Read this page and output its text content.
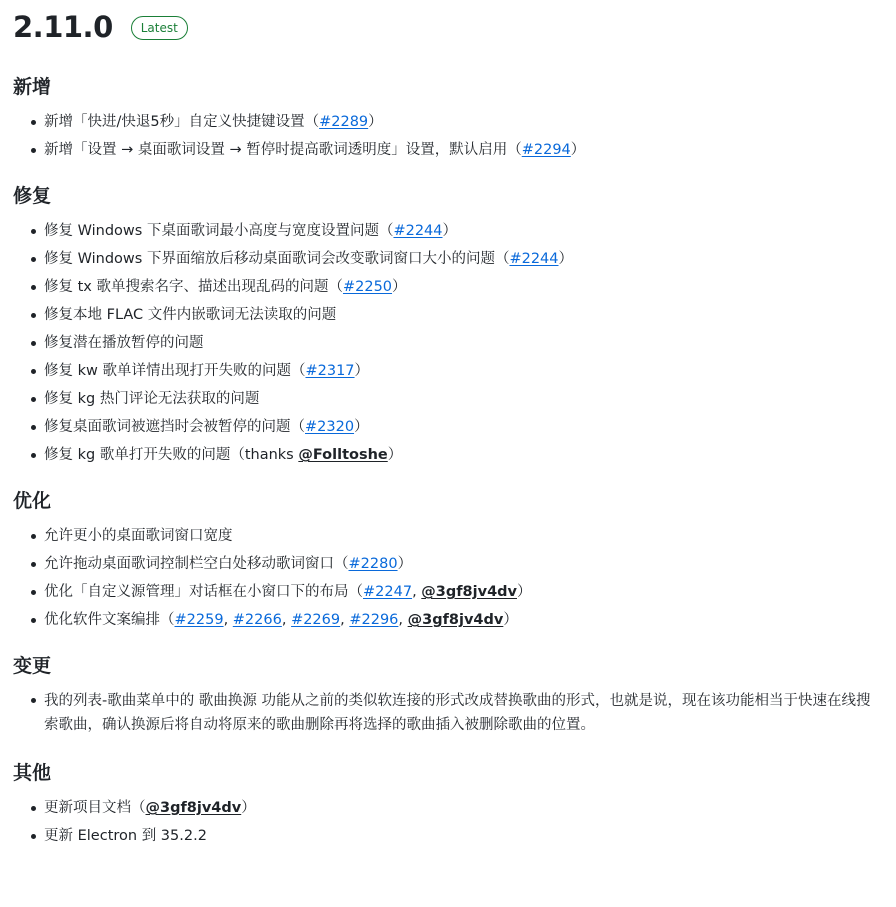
2.11.0	Latest
新增
新增「快进/快退5秒」自定义快捷键设置（#2289）
新增「设置 → 桌面歌词设置 → 暂停时提高歌词透明度」设置，默认启用（#2294）
修复
修复 Windows 下桌面歌词最小高度与宽度设置问题（#2244）
修复 Windows 下界面缩放后移动桌面歌词会改变歌词窗口大小的问题（#2244）
修复 tx 歌单搜索名字、描述出现乱码的问题（#2250）
修复本地 FLAC 文件内嵌歌词无法读取的问题
修复潜在播放暂停的问题
修复 kw 歌单详情出现打开失败的问题（#2317）
修复 kg 热门评论无法获取的问题
修复桌面歌词被遮挡时会被暂停的问题（#2320）
修复 kg 歌单打开失败的问题（thanks @Folltoshe）
优化
允许更小的桌面歌词窗口宽度
允许拖动桌面歌词控制栏空白处移动歌词窗口（#2280）
优化「自定义源管理」对话框在小窗口下的布局（#2247, @3gf8jv4dv）
优化软件文案编排（#2259, #2266, #2269, #2296, @3gf8jv4dv）
变更
我的列表-歌曲菜单中的 歌曲换源 功能从之前的类似软连接的形式改成替换歌曲的形式，也就是说，现在该功能相当于快速在线搜索歌曲，确认换源后将自动将原来的歌曲删除再将选择的歌曲插入被删除歌曲的位置。
其他
更新项目文档（@3gf8jv4dv）
更新 Electron 到 35.2.2
